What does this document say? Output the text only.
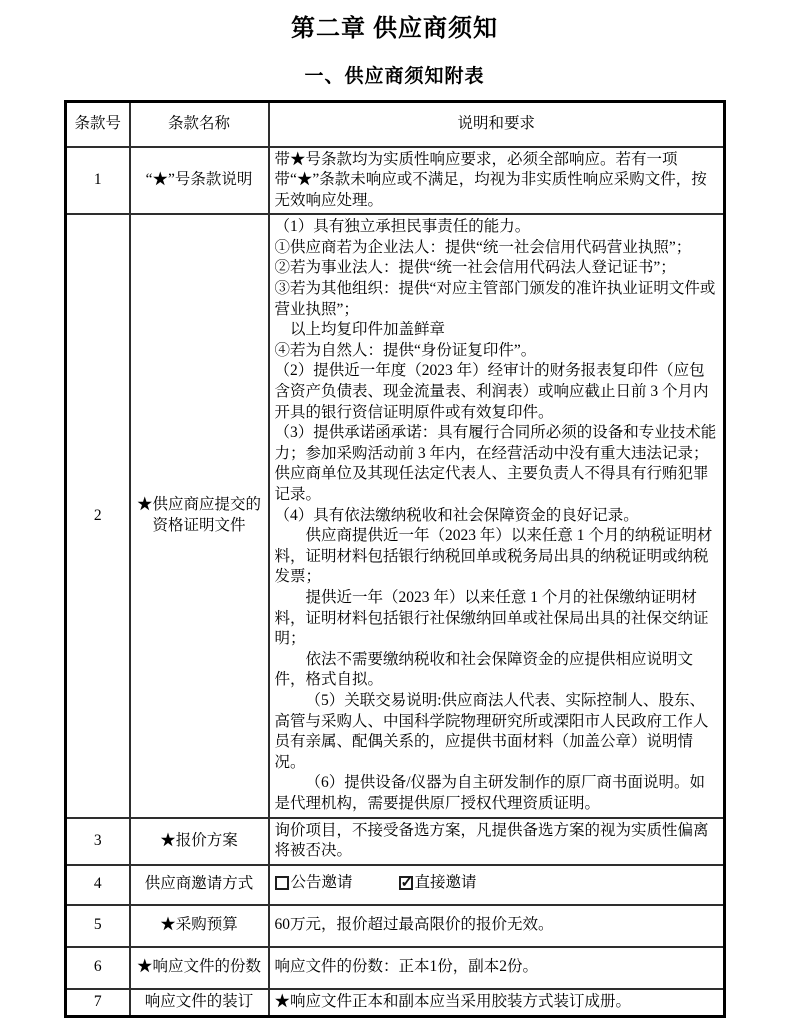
第二章 供应商须知
一、供应商须知附表
条款号	条款名称	说明和要求
1	“★”号条款说明	带★号条款均为实质性响应要求，必须全部响应。若有一项带“★”条款未响应或不满足，均视为非实质性响应采购文件，按无效响应处理。

2	★供应商应提交的资格证明文件	
（1）具有独立承担民事责任的能力。
①供应商若为企业法人：提供“统一社会信用代码营业执照”；
②若为事业法人：提供“统一社会信用代码法人登记证书”；
③若为其他组织：提供“对应主管部门颁发的准许执业证明文件或营业执照”；
以上均复印件加盖鲜章
④若为自然人：提供“身份证复印件”。
（2）提供近一年度（2023 年）经审计的财务报表复印件（应包含资产负债表、现金流量表、利润表）或响应截止日前 3 个月内开具的银行资信证明原件或有效复印件。
（3）提供承诺函承诺：具有履行合同所必须的设备和专业技术能力；参加采购活动前 3 年内，在经营活动中没有重大违法记录；供应商单位及其现任法定代表人、主要负责人不得具有行贿犯罪记录。
（4）具有依法缴纳税收和社会保障资金的良好记录。
供应商提供近一年（2023 年）以来任意 1 个月的纳税证明材料，证明材料包括银行纳税回单或税务局出具的纳税证明或纳税发票；
提供近一年（2023 年）以来任意 1 个月的社保缴纳证明材料，证明材料包括银行社保缴纳回单或社保局出具的社保交纳证明；
依法不需要缴纳税收和社会保障资金的应提供相应说明文件，格式自拟。
（5）关联交易说明:供应商法人代表、实际控制人、股东、高管与采购人、中国科学院物理研究所或溧阳市人民政府工作人员有亲属、配偶关系的，应提供书面材料（加盖公章）说明情况。
（6）提供设备/仪器为自主研发制作的原厂商书面说明。如是代理机构，需要提供原厂授权代理资质证明。

3	★报价方案	询价项目，不接受备选方案，凡提供备选方案的视为实质性偏离将被否决。

4	供应商邀请方式	公告邀请 ✓ 直接邀请

5	★采购预算	60万元，报价超过最高限价的报价无效。

6	★响应文件的份数	响应文件的份数：正本1份，副本2份。

7	响应文件的装订	★响应文件正本和副本应当采用胶装方式装订成册。
